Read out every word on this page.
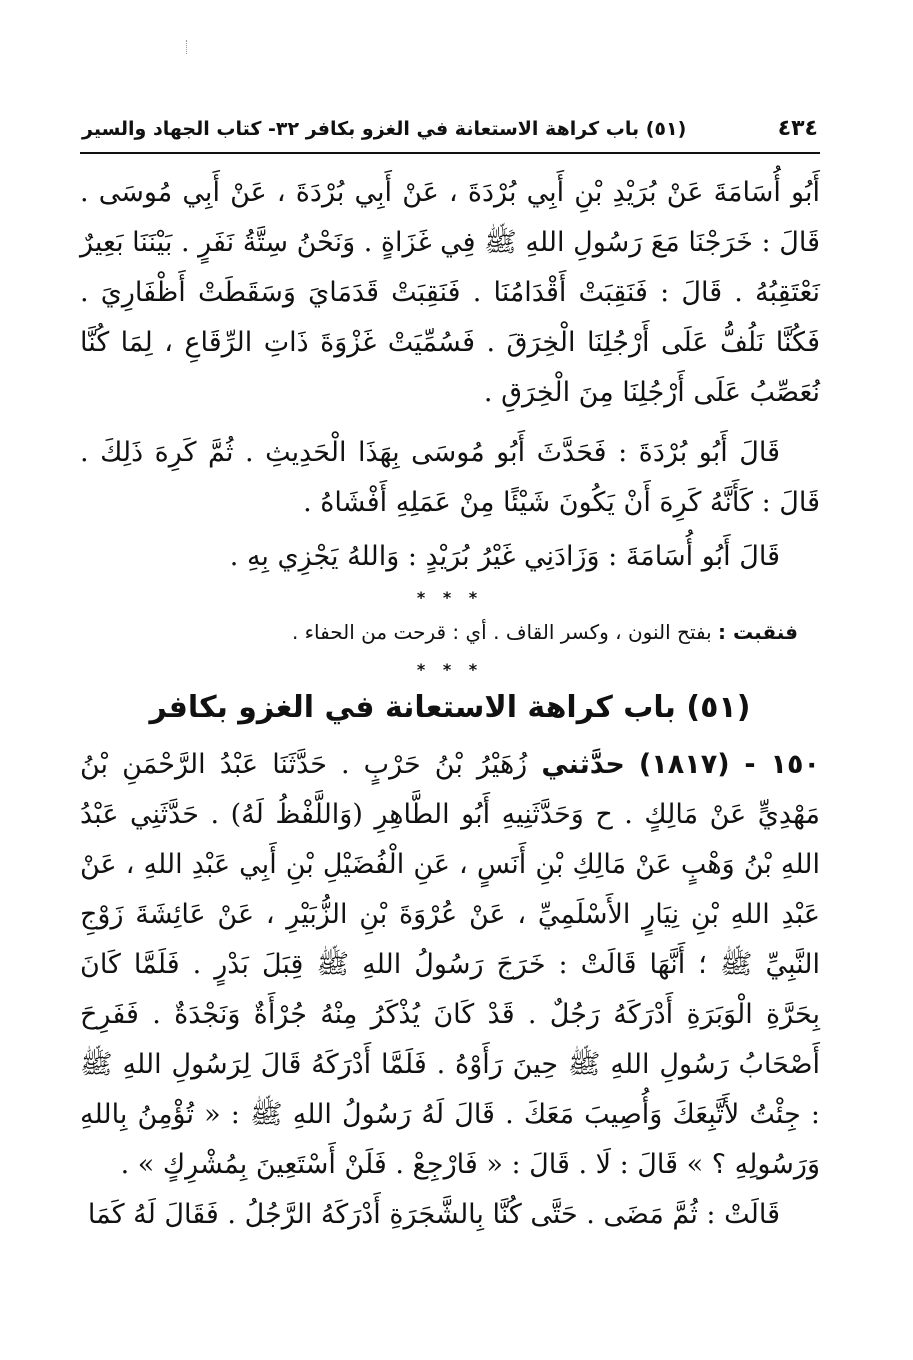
٤٣٤
(٥١) باب كراهة الاستعانة في الغزو بكافر ٣٢- كتاب الجهاد والسير

أَبُو أُسَامَةَ عَنْ بُرَيْدِ بْنِ أَبِي بُرْدَةَ ، عَنْ أَبِي بُرْدَةَ ، عَنْ أَبِي مُوسَى . قَالَ : خَرَجْنَا مَعَ رَسُولِ اللهِ ﷺ فِي غَزَاةٍ . وَنَحْنُ سِتَّةُ نَفَرٍ . بَيْنَنَا بَعِيرٌ نَعْتَقِبُهُ . قَالَ : فَنَقِبَتْ أَقْدَامُنَا . فَنَقِبَتْ قَدَمَايَ وَسَقَطَتْ أَظْفَارِيَ . فَكُنَّا نَلُفُّ عَلَى أَرْجُلِنَا الْخِرَقَ . فَسُمِّيَتْ غَزْوَةَ ذَاتِ الرِّقَاعِ ، لِمَا كُنَّا نُعَصِّبُ عَلَى أَرْجُلِنَا مِنَ الْخِرَقِ .

قَالَ أَبُو بُرْدَةَ : فَحَدَّثَ أَبُو مُوسَى بِهَذَا الْحَدِيثِ . ثُمَّ كَرِهَ ذَلِكَ . قَالَ : كَأَنَّهُ كَرِهَ أَنْ يَكُونَ شَيْئًا مِنْ عَمَلِهِ أَفْشَاهُ .

قَالَ أَبُو أُسَامَةَ : وَزَادَنِي غَيْرُ بُرَيْدٍ : وَاللهُ يَجْزِي بِهِ .

* * *
فنقبت : بفتح النون ، وكسر القاف . أي : قرحت من الحفاء .
* * *
(٥١) باب كراهة الاستعانة في الغزو بكافر

١٥٠ - (١٨١٧) حدَّثني زُهَيْرُ بْنُ حَرْبٍ . حَدَّثَنَا عَبْدُ الرَّحْمَنِ بْنُ مَهْدِيٍّ عَنْ مَالِكٍ . ح وَحَدَّثَنِيهِ أَبُو الطَّاهِرِ (وَاللَّفْظُ لَهُ) . حَدَّثَنِي عَبْدُ اللهِ بْنُ وَهْبٍ عَنْ مَالِكِ بْنِ أَنَسٍ ، عَنِ الْفُضَيْلِ بْنِ أَبِي عَبْدِ اللهِ ، عَنْ عَبْدِ اللهِ بْنِ نِيَارٍ الأَسْلَمِيِّ ، عَنْ عُرْوَةَ بْنِ الزُّبَيْرِ ، عَنْ عَائِشَةَ زَوْجِ النَّبِيِّ ﷺ ؛ أَنَّهَا قَالَتْ : خَرَجَ رَسُولُ اللهِ ﷺ قِبَلَ بَدْرٍ . فَلَمَّا كَانَ بِحَرَّةِ الْوَبَرَةِ أَدْرَكَهُ رَجُلٌ . قَدْ كَانَ يُذْكَرُ مِنْهُ جُرْأَةٌ وَنَجْدَةٌ . فَفَرِحَ أَصْحَابُ رَسُولِ اللهِ ﷺ حِينَ رَأَوْهُ . فَلَمَّا أَدْرَكَهُ قَالَ لِرَسُولِ اللهِ ﷺ : جِئْتُ لأَتَّبِعَكَ وَأُصِيبَ مَعَكَ . قَالَ لَهُ رَسُولُ اللهِ ﷺ : « تُؤْمِنُ بِاللهِ وَرَسُولِهِ ؟ » قَالَ : لَا . قَالَ : « فَارْجِعْ . فَلَنْ أَسْتَعِينَ بِمُشْرِكٍ » .

قَالَتْ : ثُمَّ مَضَى . حَتَّى كُنَّا بِالشَّجَرَةِ أَدْرَكَهُ الرَّجُلُ . فَقَالَ لَهُ كَمَا
